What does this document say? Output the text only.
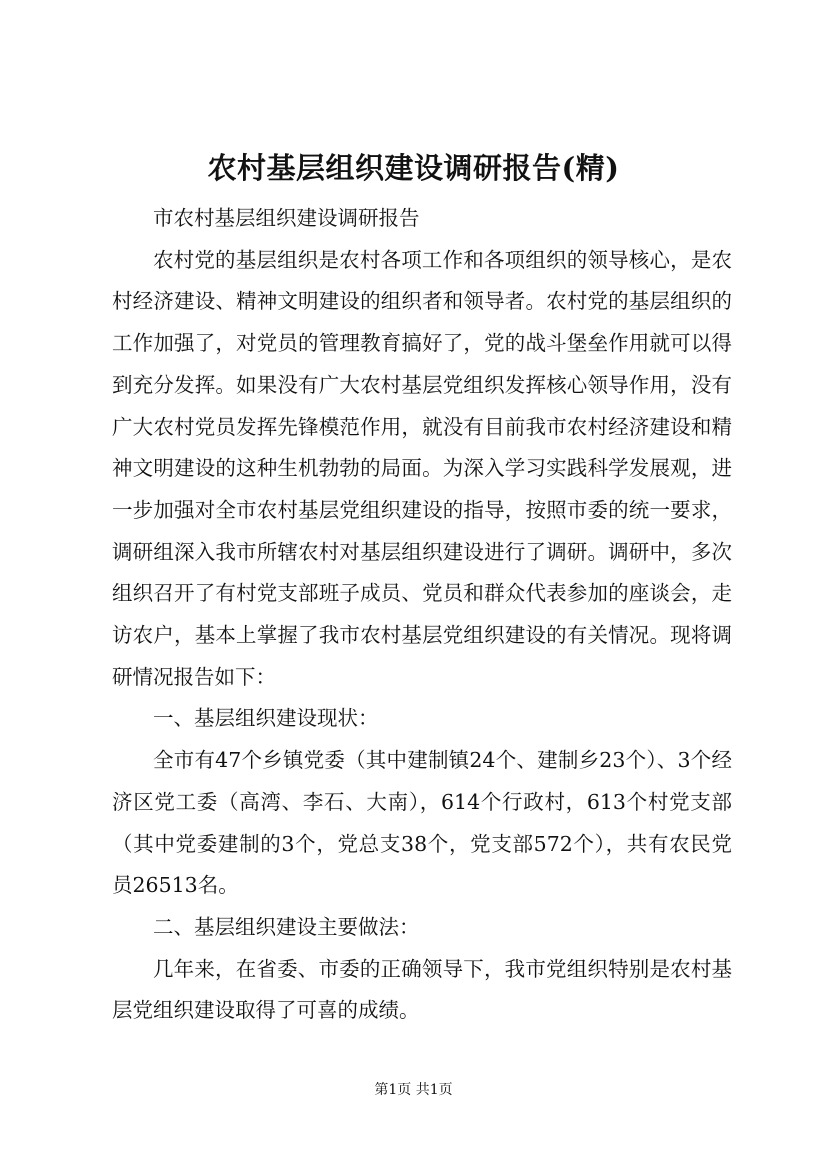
农村基层组织建设调研报告(精)

市农村基层组织建设调研报告

农村党的基层组织是农村各项工作和各项组织的领导核心，是农村经济建设、精神文明建设的组织者和领导者。农村党的基层组织的工作加强了，对党员的管理教育搞好了，党的战斗堡垒作用就可以得到充分发挥。如果没有广大农村基层党组织发挥核心领导作用，没有广大农村党员发挥先锋模范作用，就没有目前我市农村经济建设和精神文明建设的这种生机勃勃的局面。为深入学习实践科学发展观，进一步加强对全市农村基层党组织建设的指导，按照市委的统一要求，调研组深入我市所辖农村对基层组织建设进行了调研。调研中，多次组织召开了有村党支部班子成员、党员和群众代表参加的座谈会，走访农户，基本上掌握了我市农村基层党组织建设的有关情况。现将调研情况报告如下：

一、基层组织建设现状：

全市有47个乡镇党委（其中建制镇24个、建制乡23个）、3个经济区党工委（高湾、李石、大南），614个行政村，613个村党支部（其中党委建制的3个，党总支38个，党支部572个），共有农民党员26513名。

二、基层组织建设主要做法：

几年来，在省委、市委的正确领导下，我市党组织特别是农村基层党组织建设取得了可喜的成绩。

第1页 共1页
